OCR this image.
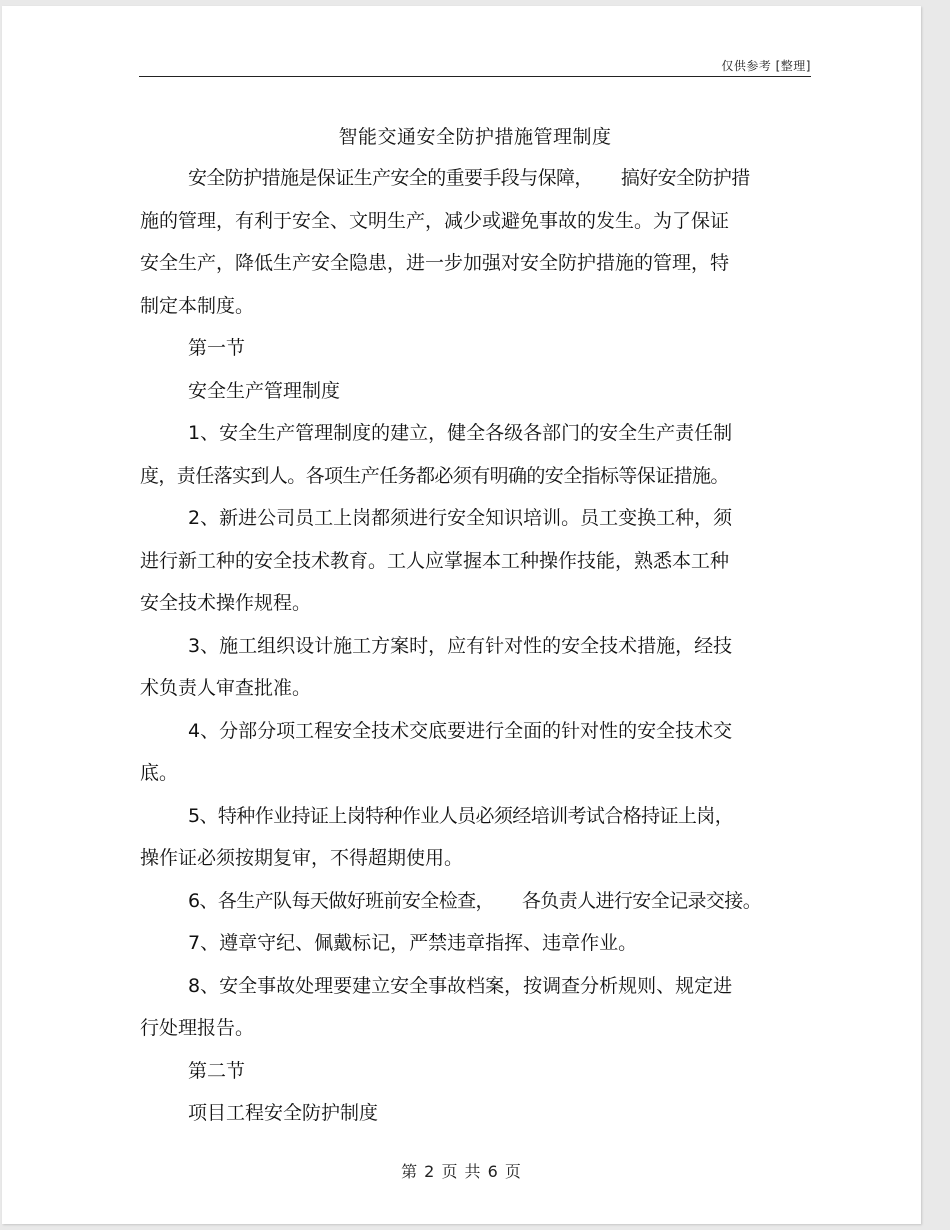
仅供参考 [整理]
智能交通安全防护措施管理制度

安全防护措施是保证生产安全的重要手段与保障， 搞好安全防护措

施的管理，有利于安全、文明生产，减少或避免事故的发生。为了保证

安全生产，降低生产安全隐患，进一步加强对安全防护措施的管理，特

制定本制度。

第一节

安全生产管理制度

1、安全生产管理制度的建立，健全各级各部门的安全生产责任制

度，责任落实到人。各项生产任务都必须有明确的安全指标等保证措施。

2、新进公司员工上岗都须进行安全知识培训。员工变换工种，须

进行新工种的安全技术教育。工人应掌握本工种操作技能，熟悉本工种

安全技术操作规程。

3、施工组织设计施工方案时，应有针对性的安全技术措施，经技

术负责人审查批准。

4、分部分项工程安全技术交底要进行全面的针对性的安全技术交

底。

5、特种作业持证上岗特种作业人员必须经培训考试合格持证上岗，

操作证必须按期复审，不得超期使用。

6、各生产队每天做好班前安全检查， 各负责人进行安全记录交接。

7、遵章守纪、佩戴标记，严禁违章指挥、违章作业。

8、安全事故处理要建立安全事故档案，按调查分析规则、规定进

行处理报告。

第二节

项目工程安全防护制度

第 2 页 共 6 页
